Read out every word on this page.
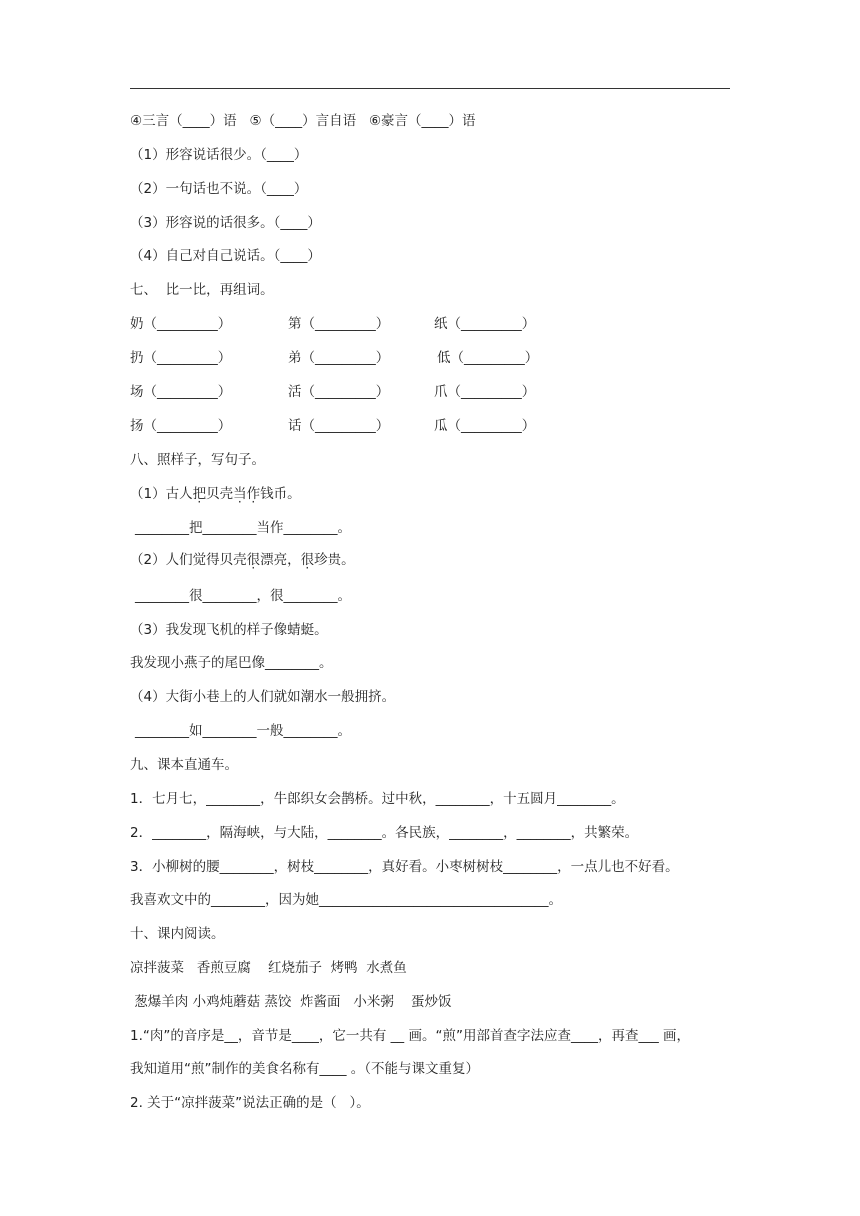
④三言（____）语   ⑤（____）言自语   ⑥豪言（____）语
（1）形容说话很少。（____）
（2）一句话也不说。（____）
（3）形容说的话很多。（____）
（4）自己对自己说话。（____）
七、  比一比，再组词。
奶（_________）	第（_________）	纸（_________）
扔（_________）	弟（_________）	低（_________）
场（_________）	活（_________）	爪（_________）
扬（_________）	话（_________）	瓜（_________）
八、照样子，写句子。
（1）古人把贝壳当作钱币。
________把________当作________。
（2）人们觉得贝壳很漂亮，很珍贵。
________很________，很________。
（3）我发现飞机的样子像蜻蜓。
我发现小燕子的尾巴像________。
（4）大街小巷上的人们就如潮水一般拥挤。
________如________一般________。
九、课本直通车。
1．七月七，________，牛郎织女会鹊桥。过中秋，________，十五圆月________。
2．________，隔海峡，与大陆，________。各民族，________，________，共繁荣。
3．小柳树的腰________，树枝________，真好看。小枣树树枝________，一点儿也不好看。
我喜欢文中的________，因为她__________________________________。
十、课内阅读。
凉拌菠菜   香煎豆腐    红烧茄子  烤鸭  水煮鱼
葱爆羊肉 小鸡炖蘑菇 蒸饺  炸酱面   小米粥    蛋炒饭
1.“肉”的音序是__，音节是____，它一共有 __ 画。“煎”用部首查字法应查____，再查___ 画，
我知道用“煎”制作的美食名称有____ 。（不能与课文重复）
2. 关于“凉拌菠菜”说法正确的是（   ）。
